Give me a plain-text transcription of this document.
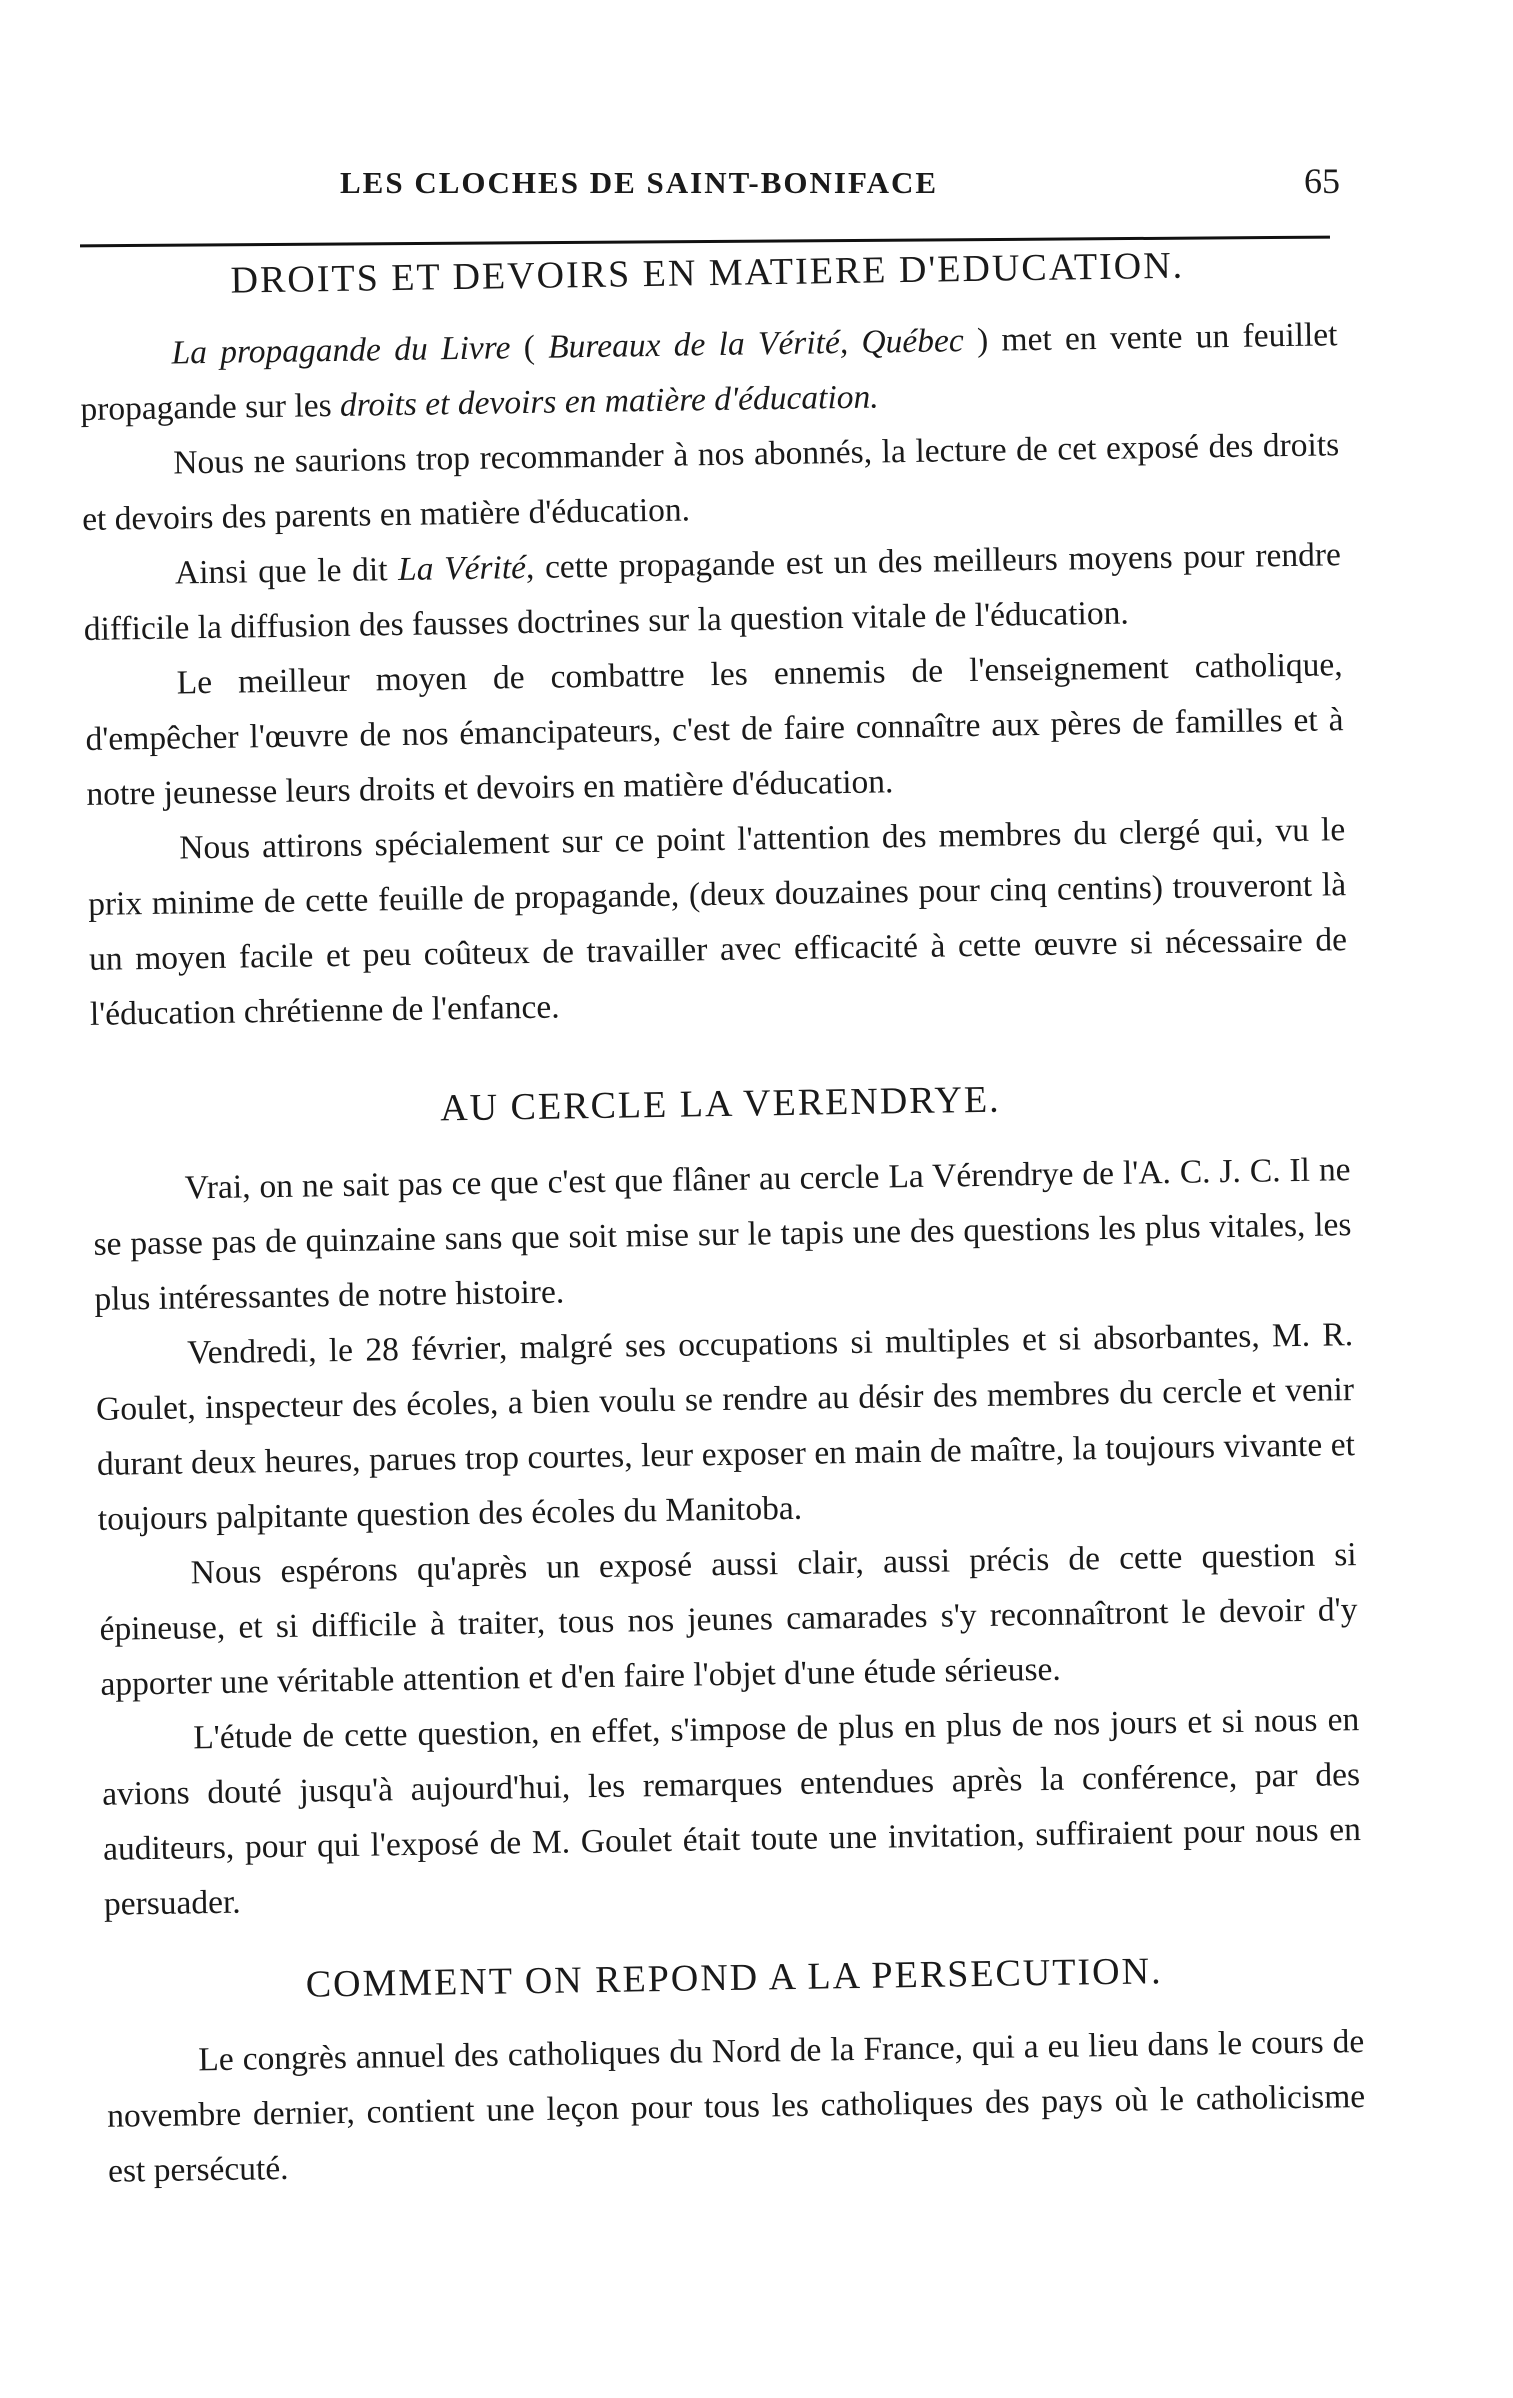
LES CLOCHES DE SAINT-BONIFACE	65
DROITS ET DEVOIRS EN MATIERE D'EDUCATION.

La propagande du Livre ( Bureaux de la Vérité, Québec ) met en vente un feuillet propagande sur les droits et devoirs en matière d'éducation.

Nous ne saurions trop recommander à nos abonnés, la lecture de cet exposé des droits et devoirs des parents en matière d'éducation.

Ainsi que le dit La Vérité, cette propagande est un des meilleurs moyens pour rendre difficile la diffusion des fausses doctrines sur la question vitale de l'éducation.

Le meilleur moyen de combattre les ennemis de l'enseignement catholique, d'empêcher l'œuvre de nos émancipateurs, c'est de faire connaître aux pères de familles et à notre jeunesse leurs droits et devoirs en matière d'éducation.

Nous attirons spécialement sur ce point l'attention des membres du clergé qui, vu le prix minime de cette feuille de propagande, (deux douzaines pour cinq centins) trouveront là un moyen facile et peu coûteux de travailler avec efficacité à cette œuvre si nécessaire de l'éducation chrétienne de l'enfance.

AU CERCLE LA VERENDRYE.

Vrai, on ne sait pas ce que c'est que flâner au cercle La Vérendrye de l'A. C. J. C. Il ne se passe pas de quinzaine sans que soit mise sur le tapis une des questions les plus vitales, les plus intéressantes de notre histoire.

Vendredi, le 28 février, malgré ses occupations si multiples et si absorbantes, M. R. Goulet, inspecteur des écoles, a bien voulu se rendre au désir des membres du cercle et venir durant deux heures, parues trop courtes, leur exposer en main de maître, la toujours vivante et toujours palpitante question des écoles du Manitoba.

Nous espérons qu'après un exposé aussi clair, aussi précis de cette question si épineuse, et si difficile à traiter, tous nos jeunes camarades s'y reconnaîtront le devoir d'y apporter une véritable attention et d'en faire l'objet d'une étude sérieuse.

L'étude de cette question, en effet, s'impose de plus en plus de nos jours et si nous en avions douté jusqu'à aujourd'hui, les remarques entendues après la conférence, par des auditeurs, pour qui l'exposé de M. Goulet était toute une invitation, suffiraient pour nous en persuader.

COMMENT ON REPOND A LA PERSECUTION.

Le congrès annuel des catholiques du Nord de la France, qui a eu lieu dans le cours de novembre dernier, contient une leçon pour tous les catholiques des pays où le catholicisme est persécuté.
